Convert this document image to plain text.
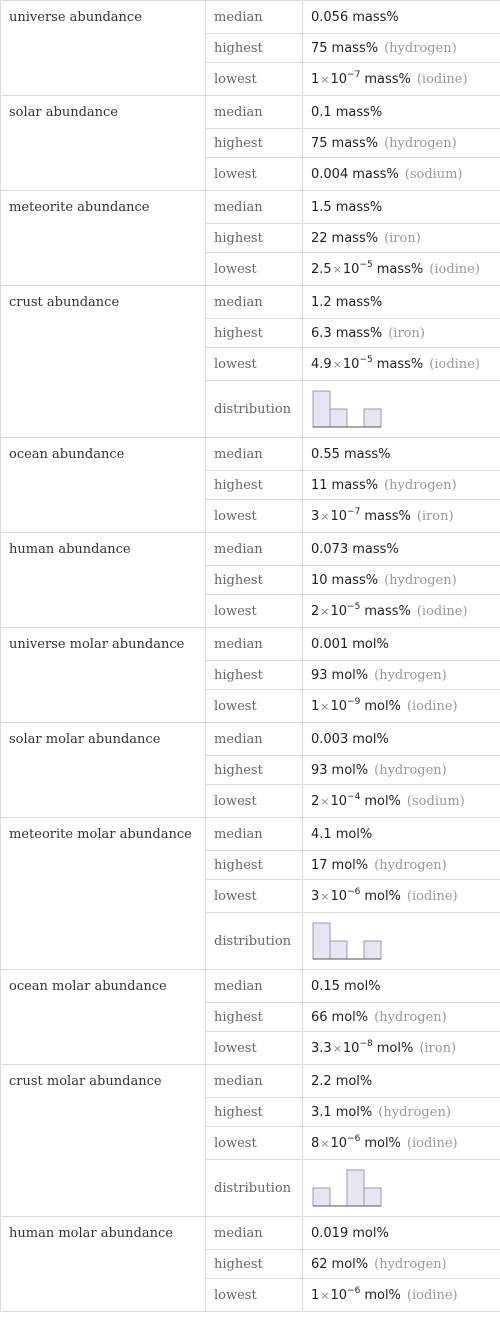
universe abundance	median	0.056 mass%
	highest	75 mass% (hydrogen)
	lowest	$1\times 10^{-7}$ mass% (iodine)
solar abundance	median	0.1 mass%
	highest	75 mass% (hydrogen)
	lowest	0.004 mass% (sodium)
meteorite abundance	median	1.5 mass%
	highest	22 mass% (iron)
	lowest	$2.5\times 10^{-5}$ mass% (iodine)
crust abundance	median	1.2 mass%
	highest	6.3 mass% (iron)
	lowest	$4.9\times 10^{-5}$ mass% (iodine)
	distribution	

ocean abundance	median	0.55 mass%
	highest	11 mass% (hydrogen)
	lowest	$3\times 10^{-7}$ mass% (iron)
human abundance	median	0.073 mass%
	highest	10 mass% (hydrogen)
	lowest	$2\times 10^{-5}$ mass% (iodine)
universe molar abundance	median	0.001 mol%
	highest	93 mol% (hydrogen)
	lowest	$1\times 10^{-9}$ mol% (iodine)
solar molar abundance	median	0.003 mol%
	highest	93 mol% (hydrogen)
	lowest	$2\times 10^{-4}$ mol% (sodium)
meteorite molar abundance	median	4.1 mol%
	highest	17 mol% (hydrogen)
	lowest	$3\times 10^{-6}$ mol% (iodine)
	distribution	

ocean molar abundance	median	0.15 mol%
	highest	66 mol% (hydrogen)
	lowest	$3.3\times 10^{-8}$ mol% (iron)
crust molar abundance	median	2.2 mol%
	highest	3.1 mol% (hydrogen)
	lowest	$8\times 10^{-6}$ mol% (iodine)
	distribution	

human molar abundance	median	0.019 mol%
	highest	62 mol% (hydrogen)
	lowest	$1\times 10^{-6}$ mol% (iodine)
